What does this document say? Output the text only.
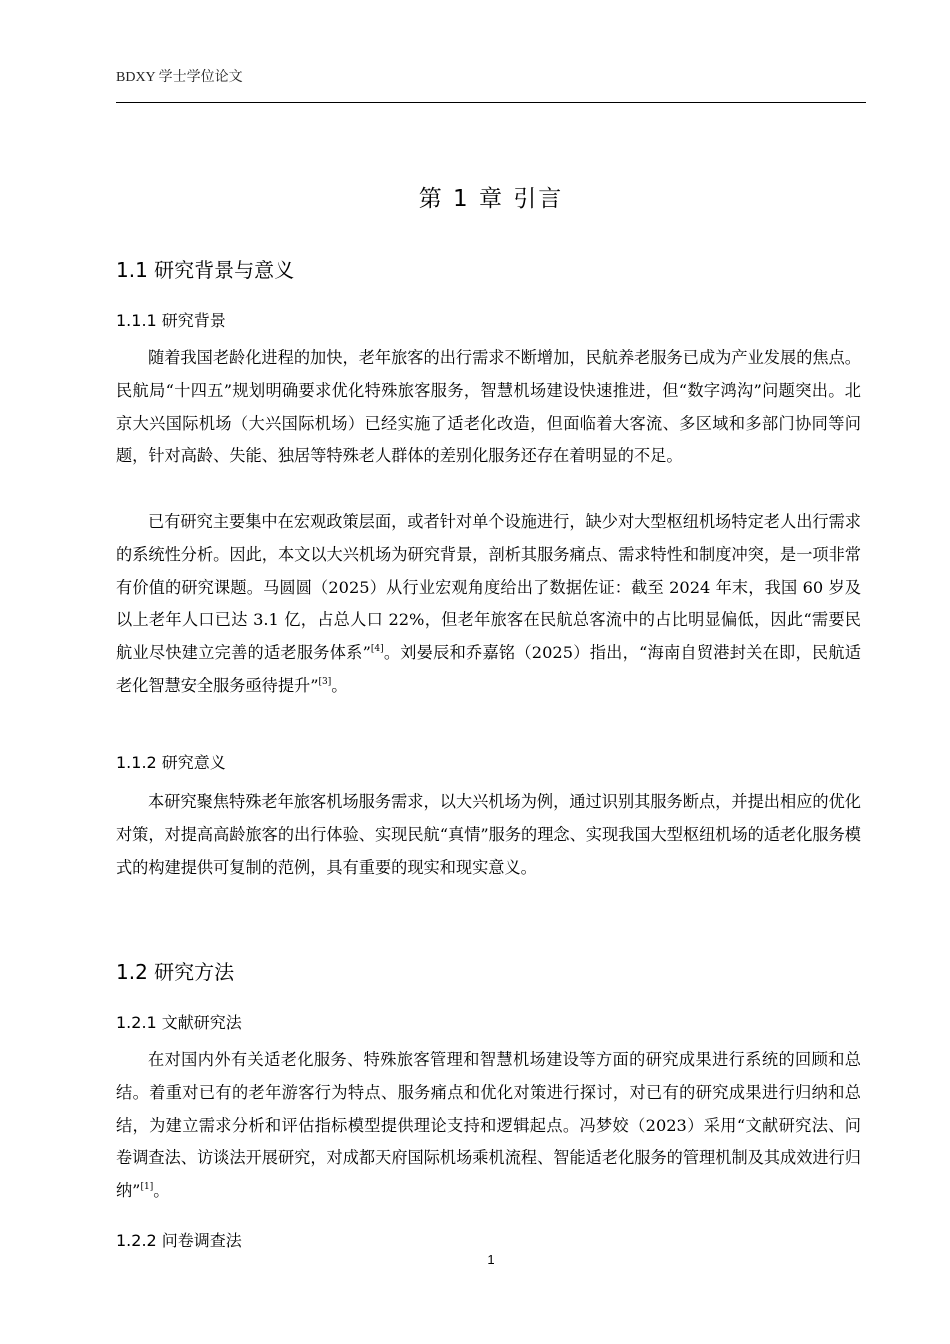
BDXY 学士学位论文
第 1 章 引言
1.1 研究背景与意义
1.1.1 研究背景
随着我国老龄化进程的加快，老年旅客的出行需求不断增加，民航养老服务已成为产业发展的焦点。民航局“十四五”规划明确要求优化特殊旅客服务，智慧机场建设快速推进，但“数字鸿沟”问题突出。北京大兴国际机场（大兴国际机场）已经实施了适老化改造，但面临着大客流、多区域和多部门协同等问题，针对高龄、失能、独居等特殊老人群体的差别化服务还存在着明显的不足。
已有研究主要集中在宏观政策层面，或者针对单个设施进行，缺少对大型枢纽机场特定老人出行需求的系统性分析。因此，本文以大兴机场为研究背景，剖析其服务痛点、需求特性和制度冲突，是一项非常有价值的研究课题。马圆圆（2025）从行业宏观角度给出了数据佐证：截至 2024 年末，我国 60 岁及以上老年人口已达 3.1 亿，占总人口 22%，但老年旅客在民航总客流中的占比明显偏低，因此“需要民航业尽快建立完善的适老服务体系”[4]。刘晏辰和乔嘉铭（2025）指出，“海南自贸港封关在即，民航适老化智慧安全服务亟待提升”[3]。
1.1.2 研究意义
本研究聚焦特殊老年旅客机场服务需求，以大兴机场为例，通过识别其服务断点，并提出相应的优化对策，对提高高龄旅客的出行体验、实现民航“真情”服务的理念、实现我国大型枢纽机场的适老化服务模式的构建提供可复制的范例，具有重要的现实和现实意义。
1.2 研究方法
1.2.1 文献研究法
在对国内外有关适老化服务、特殊旅客管理和智慧机场建设等方面的研究成果进行系统的回顾和总结。着重对已有的老年游客行为特点、服务痛点和优化对策进行探讨，对已有的研究成果进行归纳和总结，为建立需求分析和评估指标模型提供理论支持和逻辑起点。冯梦姣（2023）采用“文献研究法、问卷调查法、访谈法开展研究，对成都天府国际机场乘机流程、智能适老化服务的管理机制及其成效进行归纳”[1]。
1.2.2 问卷调查法
1
